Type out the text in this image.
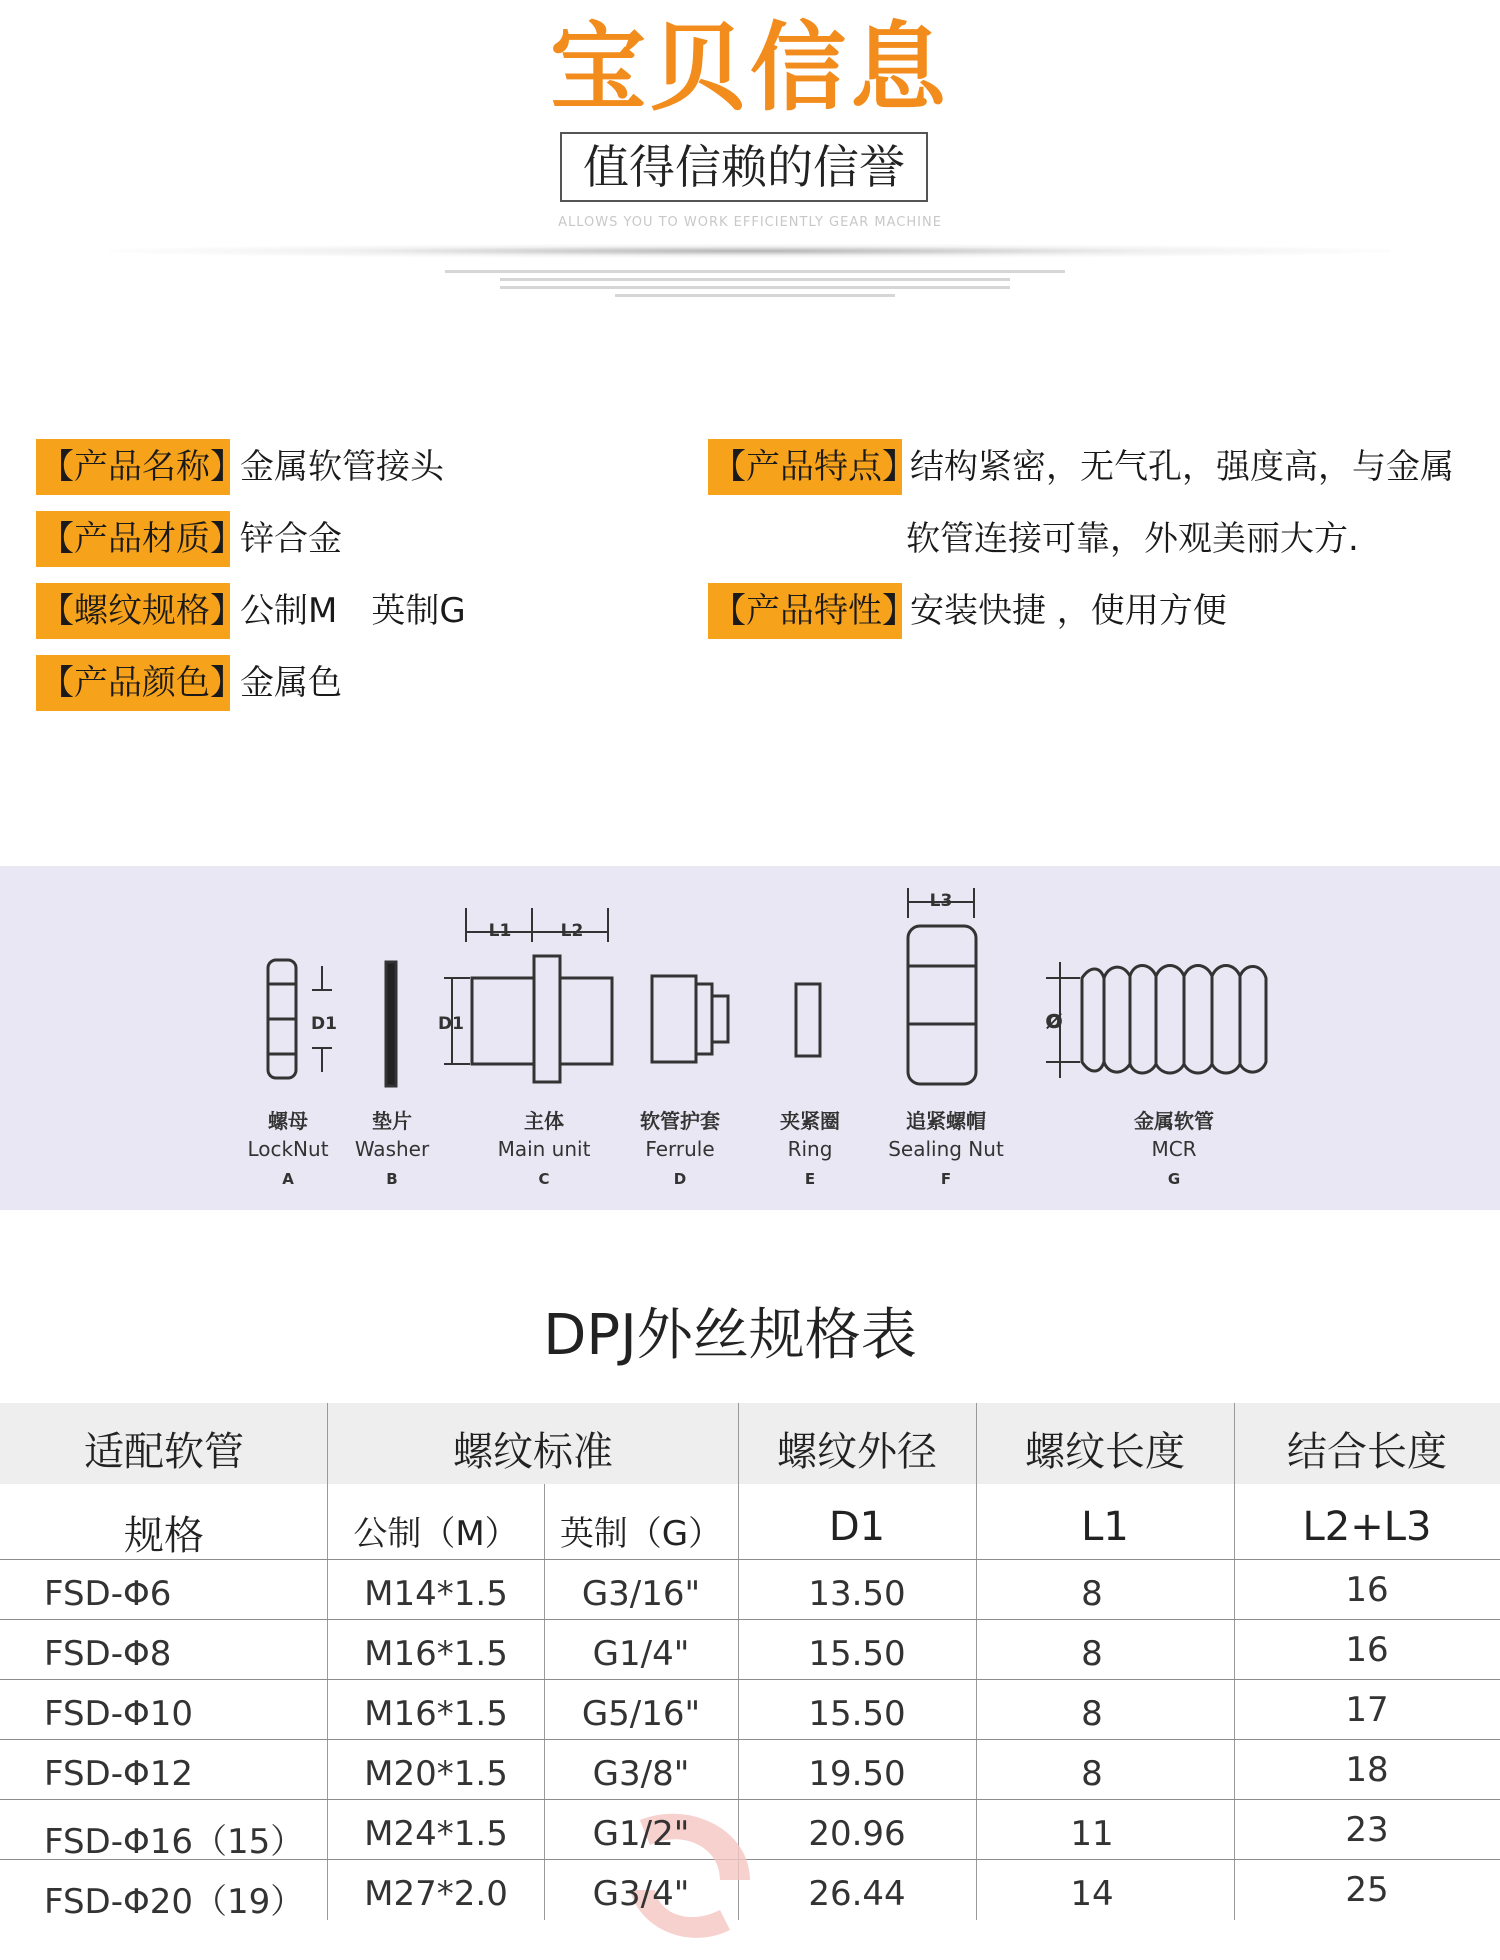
宝贝信息
值得信赖的信誉
ALLOWS YOU TO WORK EFFICIENTLY GEAR MACHINE
【产品名称】
金属软管接头
【产品材质】
锌合金
【螺纹规格】
公制M　英制G
【产品颜色】
金属色
【产品特点】
结构紧密，无气孔，强度高，与金属
软管连接可靠，外观美丽大方.
【产品特性】
安装快捷 ，使用方便
D1	D1
L1	L2
L3
ø
螺母
LockNut
A
垫片
Washer
B
主体
Main unit
C
软管护套
Ferrule
D
夹紧圈
Ring
E
追紧螺帽
Sealing Nut
F
金属软管
MCR
G
DPJ外丝规格表
适配软管	螺纹标准	螺纹外径	螺纹长度	结合长度
规格	公制（M）	英制（G）	D1	L1	L2+L3
FSD-Φ6	M14*1.5	G3/16"	13.50	8	16
FSD-Φ8	M16*1.5	G1/4"	15.50	8	16
FSD-Φ10	M16*1.5	G5/16"	15.50	8	17
FSD-Φ12	M20*1.5	G3/8"	19.50	8	18
FSD-Φ16（15）	M24*1.5	G1/2"	20.96	11	23
FSD-Φ20（19）	M27*2.0	G3/4"	26.44	14	25
